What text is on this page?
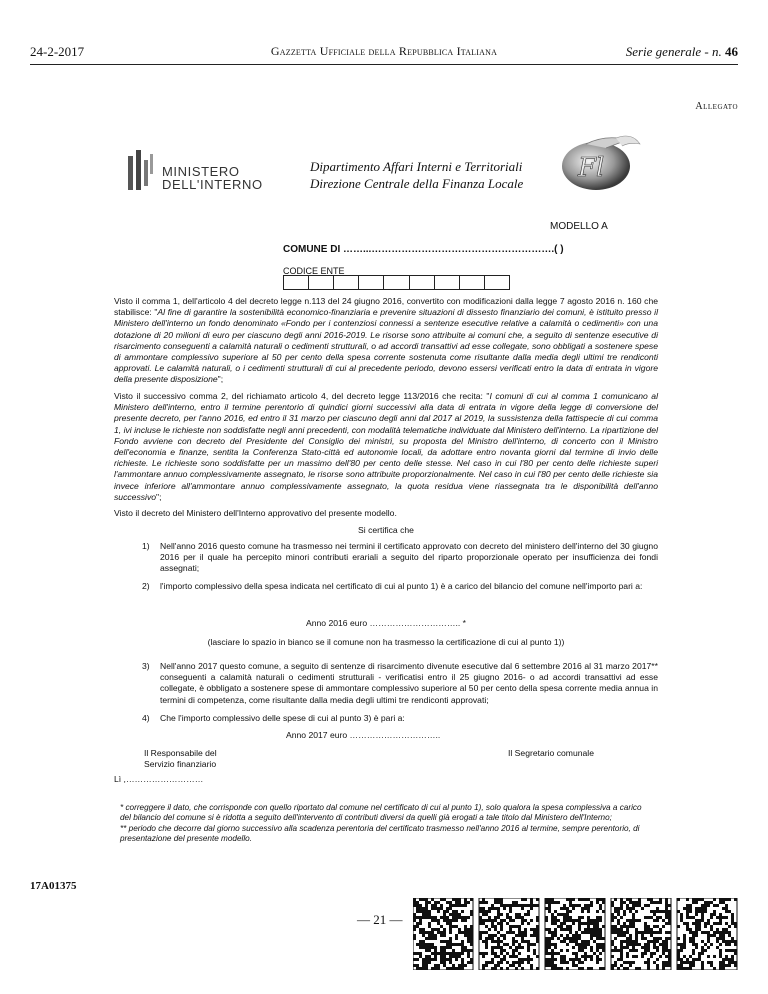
24-2-2017	Gazzetta Ufficiale della Repubblica Italiana	Serie generale - n. 46
Allegato
MINISTERO
DELL'INTERNO
Dipartimento Affari Interni e Territoriali
Direzione Centrale della Finanza Locale
Fl
MODELLO A
COMUNE DI ……...……………………………………………….( )
CODICE ENTE
Visto il comma 1, dell'articolo 4 del decreto legge n.113 del 24 giugno 2016, convertito con modificazioni dalla legge 7 agosto 2016 n. 160 che stabilisce: "Al fine di garantire la sostenibilità economico-finanziaria e prevenire situazioni di dissesto finanziario dei comuni, è istituito presso il Ministero dell'interno un fondo denominato «Fondo per i contenziosi connessi a sentenze esecutive relative a calamità o cedimenti» con una dotazione di 20 milioni di euro per ciascuno degli anni 2016-2019. Le risorse sono attribuite ai comuni che, a seguito di sentenze esecutive di risarcimento conseguenti a calamità naturali o cedimenti strutturali, o ad accordi transattivi ad esse collegate, sono obbligati a sostenere spese di ammontare complessivo superiore al 50 per cento della spesa corrente sostenuta come risultante dalla media degli ultimi tre rendiconti approvati. Le calamità naturali, o i cedimenti strutturali di cui al precedente periodo, devono essersi verificati entro la data di entrata in vigore della presente disposizione";
Visto il successivo comma 2, del richiamato articolo 4, del decreto legge 113/2016 che recita: "I comuni di cui al comma 1 comunicano al Ministero dell'interno, entro il termine perentorio di quindici giorni successivi alla data di entrata in vigore della legge di conversione del presente decreto, per l'anno 2016, ed entro il 31 marzo per ciascuno degli anni dal 2017 al 2019, la sussistenza della fattispecie di cui comma 1, ivi incluse le richieste non soddisfatte negli anni precedenti, con modalità telematiche individuate dal Ministero dell'interno. La ripartizione del Fondo avviene con decreto del Presidente del Consiglio dei ministri, su proposta del Ministro dell'interno, di concerto con il Ministro dell'economia e finanze, sentita la Conferenza Stato-città ed autonomie locali, da adottare entro novanta giorni dal termine di invio delle richieste. Le richieste sono soddisfatte per un massimo dell'80 per cento delle stesse. Nel caso in cui l'80 per cento delle richieste superi l'ammontare annuo complessivamente assegnato, le risorse sono attribuite proporzionalmente. Nel caso in cui l'80 per cento delle richieste sia invece inferiore all'ammontare annuo complessivamente assegnato, la quota residua viene riassegnata tra le disponibilità dell'anno successivo";
Visto il decreto del Ministero dell'Interno approvativo del presente modello.
Si certifica che
1) Nell'anno 2016 questo comune ha trasmesso nei termini il certificato approvato con decreto del ministero dell'interno del 30 giugno 2016 per il quale ha percepito minori contributi erariali a seguito del riparto proporzionale operato per insufficienza dei fondi assegnati;
2) l'importo complessivo della spesa indicata nel certificato di cui al punto 1) è a carico del bilancio del comune nell'importo pari a:
Anno 2016 euro ………………………….. *
(lasciare lo spazio in bianco se il comune non ha trasmesso la certificazione di cui al punto 1))
3) Nell'anno 2017 questo comune, a seguito di sentenze di risarcimento divenute esecutive dal 6 settembre 2016 al 31 marzo 2017** conseguenti a calamità naturali o cedimenti strutturali - verificatisi entro il 25 giugno 2016- o ad accordi transattivi ad esse collegate, è obbligato a sostenere spese di ammontare complessivo superiore al 50 per cento della spesa corrente media annua in termini di competenza, come risultante dalla media degli ultimi tre rendiconti approvati;
4) Che l'importo complessivo delle spese di cui al punto 3) è pari a:
Anno 2017 euro …………………………..
Il Responsabile del
Servizio finanziario
Il Segretario comunale
Lì ,………………………
* correggere il dato, che corrisponde con quello riportato dal comune nel certificato di cui al punto 1), solo qualora la spesa complessiva a carico del bilancio del comune si è ridotta a seguito dell'intervento di contributi diversi da quelli già erogati a tale titolo dal Ministero dell'Interno;
** periodo che decorre dal giorno successivo alla scadenza perentoria del certificato trasmesso nell'anno 2016 al termine, sempre perentorio, di presentazione del presente modello.
17A01375
— 21 —
